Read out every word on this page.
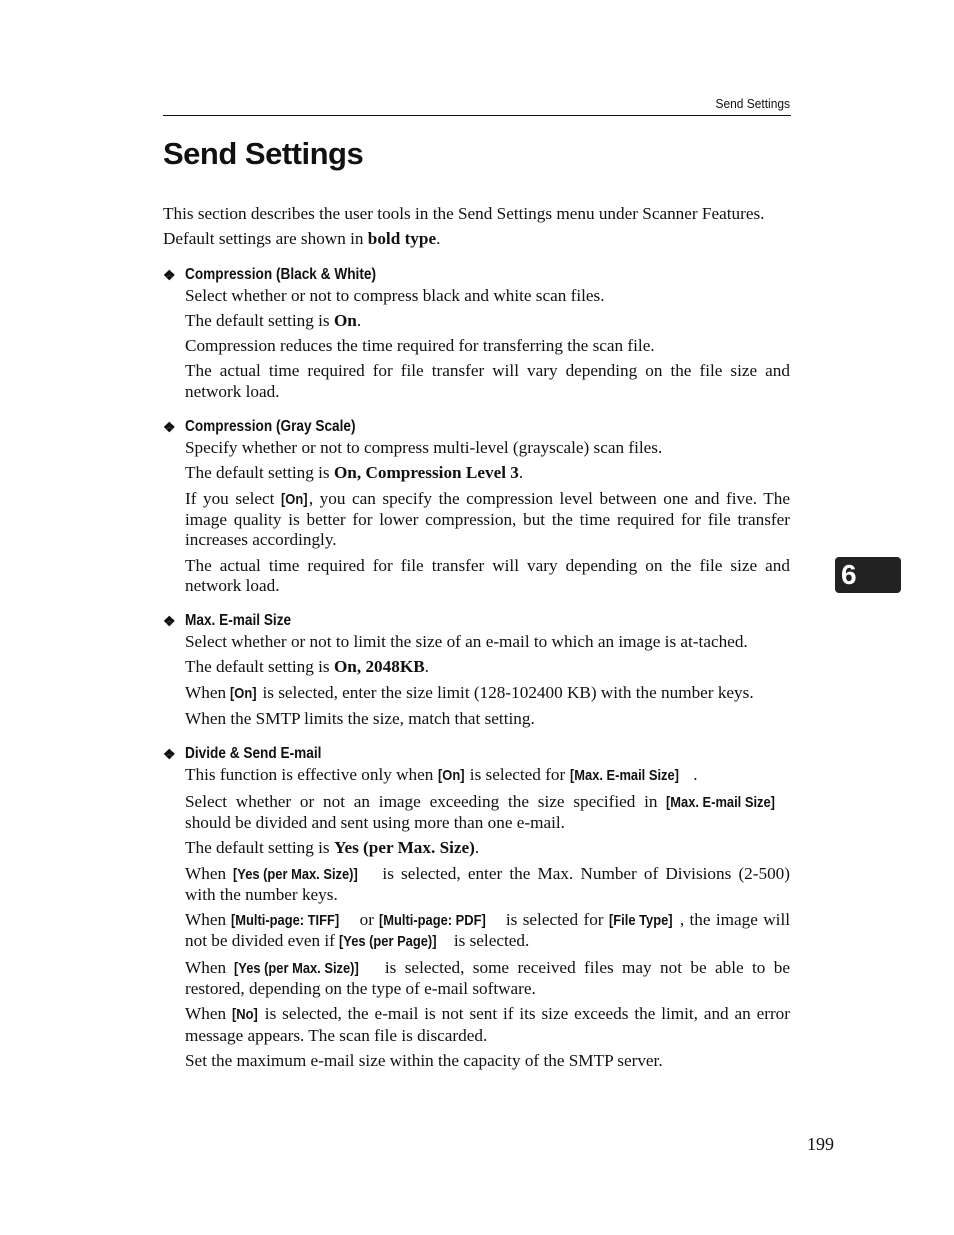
Send Settings
Send Settings

This section describes the user tools in the Send Settings menu under Scanner Features.

Default settings are shown in bold type.

❖ Compression (Black & White)

Select whether or not to compress black and white scan files.

The default setting is On.

Compression reduces the time required for transferring the scan file.

The actual time required for file transfer will vary depending on the file size and network load.

❖ Compression (Gray Scale)

Specify whether or not to compress multi-level (grayscale) scan files.

The default setting is On, Compression Level 3.

If you select [On], you can specify the compression level between one and five. The image quality is better for lower compression, but the time required for file transfer increases accordingly.

The actual time required for file transfer will vary depending on the file size and network load.

❖ Max. E-mail Size

Select whether or not to limit the size of an e-mail to which an image is at-tached.

The default setting is On, 2048KB.

When [On] is selected, enter the size limit (128-102400 KB) with the number keys.

When the SMTP limits the size, match that setting.

❖ Divide & Send E-mail

This function is effective only when [On] is selected for [Max. E-mail Size] .

Select whether or not an image exceeding the size specified in [Max. E-mail Size] should be divided and sent using more than one e-mail.

The default setting is Yes (per Max. Size).

When [Yes (per Max. Size)] is selected, enter the Max. Number of Divisions (2-500) with the number keys.

When [Multi-page: TIFF] or [Multi-page: PDF] is selected for [File Type] , the image will not be divided even if [Yes (per Page)] is selected.

When [Yes (per Max. Size)] is selected, some received files may not be able to be restored, depending on the type of e-mail software.

When [No] is selected, the e-mail is not sent if its size exceeds the limit, and an error message appears. The scan file is discarded.

Set the maximum e-mail size within the capacity of the SMTP server.

6
199
